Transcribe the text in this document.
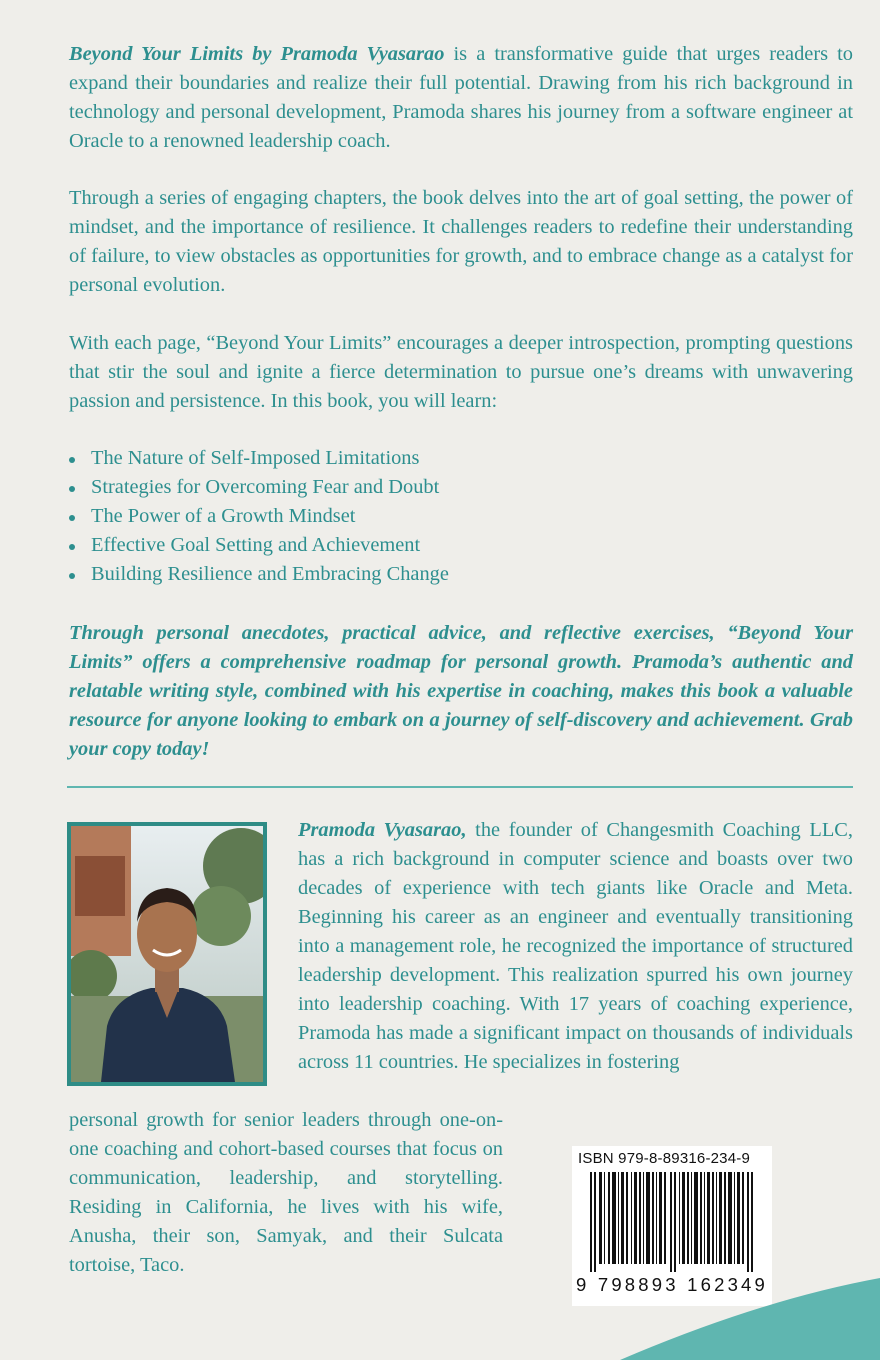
Beyond Your Limits by Pramoda Vyasarao is a transformative guide that urges readers to expand their boundaries and realize their full potential. Drawing from his rich background in technology and personal development, Pramoda shares his journey from a software engineer at Oracle to a renowned leadership coach.

Through a series of engaging chapters, the book delves into the art of goal setting, the power of mindset, and the importance of resilience. It challenges readers to redefine their understanding of failure, to view obstacles as opportunities for growth, and to embrace change as a catalyst for personal evolution.

With each page, “Beyond Your Limits” encourages a deeper introspection, prompting questions that stir the soul and ignite a fierce determination to pursue one’s dreams with unwavering passion and persistence. In this book, you will learn:

The Nature of Self-Imposed Limitations
Strategies for Overcoming Fear and Doubt
The Power of a Growth Mindset
Effective Goal Setting and Achievement
Building Resilience and Embracing Change

Through personal anecdotes, practical advice, and reflective exercises, “Beyond Your Limits” offers a comprehensive roadmap for personal growth. Pramoda’s authentic and relatable writing style, combined with his expertise in coaching, makes this book a valuable resource for anyone looking to embark on a journey of self-discovery and achievement. Grab your copy today!

Pramoda Vyasarao, the founder of Changesmith Coaching LLC, has a rich background in computer science and boasts over two decades of experience with tech giants like Oracle and Meta. Beginning his career as an engineer and eventually transitioning into a management role, he recognized the importance of structured leadership development. This realization spurred his own journey into leadership coaching. With 17 years of coaching experience, Pramoda has made a significant impact on thousands of individuals across 11 countries. He specializes in fostering

personal growth for senior leaders through one-on-one coaching and cohort-based courses that focus on communication, leadership, and storytelling. Residing in California, he lives with his wife, Anusha, their son, Samyak, and their Sulcata tortoise, Taco.

ISBN 979-8-89316-234-9
9 798893 162349
